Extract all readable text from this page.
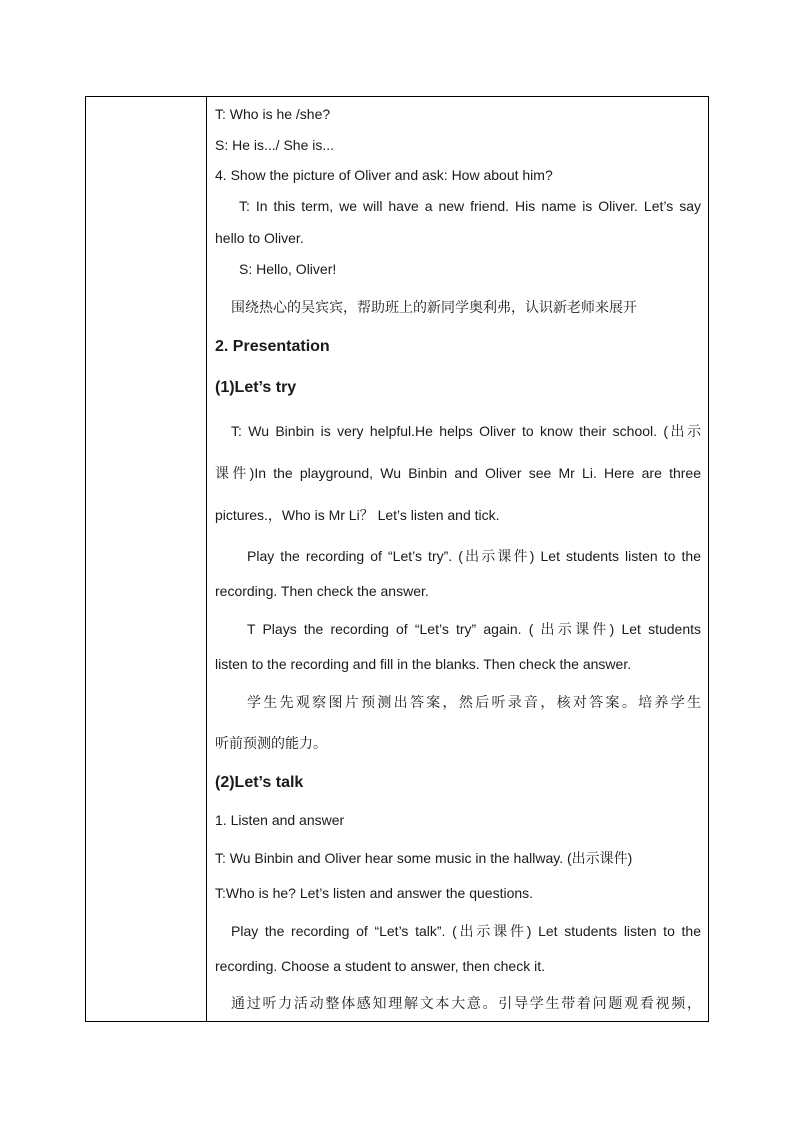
T: Who is he /she?
S: He is.../ She is...
4. Show the picture of Oliver and ask: How about him?
T: In this term, we will have a new friend. His name is Oliver. Let’s say
hello to Oliver.
S: Hello, Oliver!
围绕热心的吴宾宾，帮助班上的新同学奥利弗，认识新老师来展开
2. Presentation
(1)Let’s try
T: Wu Binbin is very helpful.He helps Oliver to know their school. (出示
课件)In the playground, Wu Binbin and Oliver see Mr Li. Here are three
pictures.，Who is Mr Li？ Let’s listen and tick.
Play the recording of “Let’s try”. (出示课件) Let students listen to the
recording. Then check the answer.
T Plays the recording of “Let’s try” again. ( 出示课件) Let students
listen to the recording and fill in the blanks. Then check the answer.
学生先观察图片预测出答案，然后听录音，核对答案。培养学生
听前预测的能力。
(2)Let’s talk
1. Listen and answer
T: Wu Binbin and Oliver hear some music in the hallway. (出示课件)
T:Who is he? Let’s listen and answer the questions.
Play the recording of “Let’s talk”. (出示课件) Let students listen to the
recording. Choose a student to answer, then check it.
通过听力活动整体感知理解文本大意。引导学生带着问题观看视频，
